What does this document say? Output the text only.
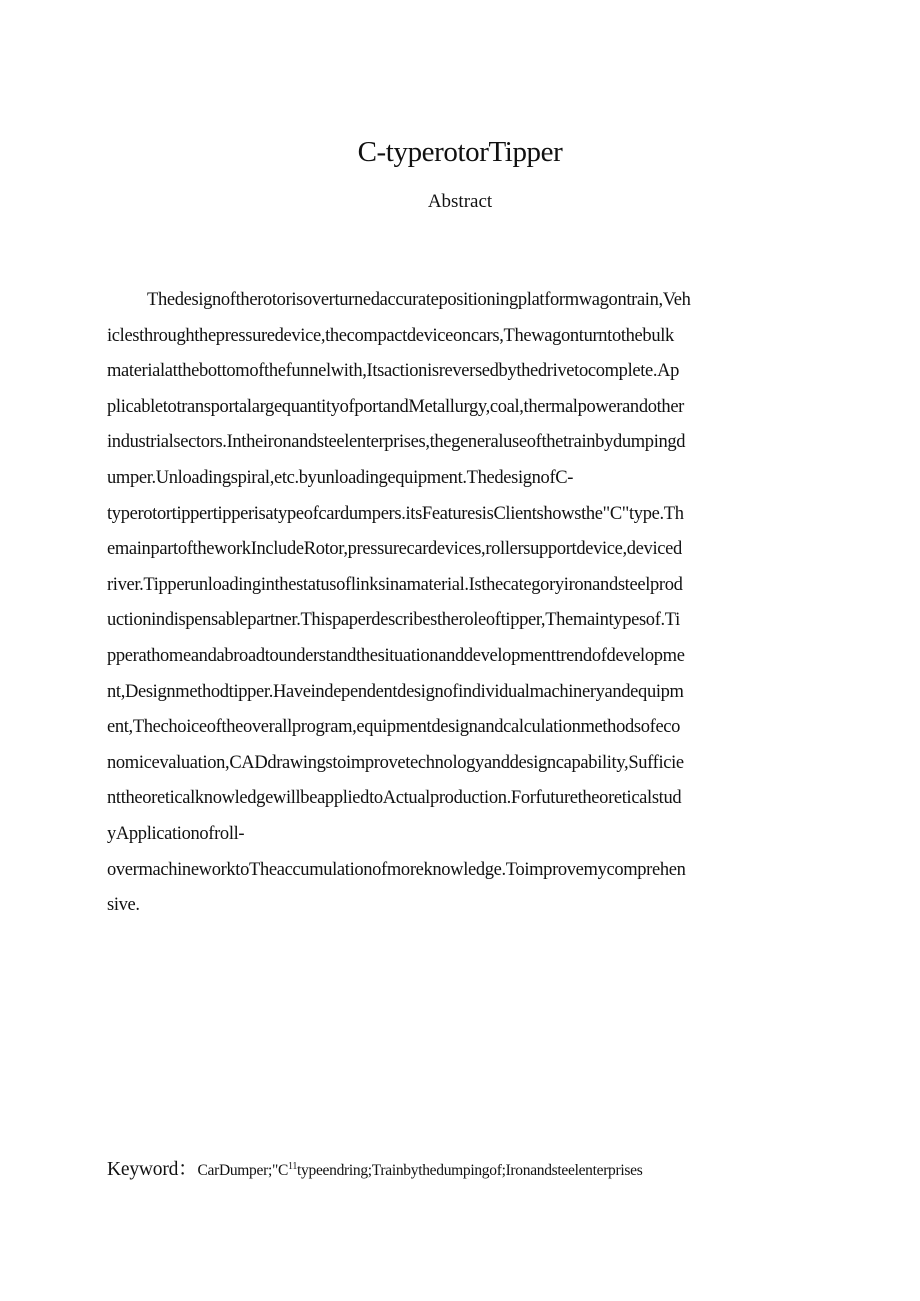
C-typerotorTipper
Abstract
Thedesignoftherotorisoverturnedaccuratepositioningplatformwagontrain,Veh
iclesthroughthepressuredevice,thecompactdeviceoncars,Thewagonturntothebulk
materialatthebottomofthefunnelwith,Itsactionisreversedbythedrivetocomplete.Ap
plicabletotransportalargequantityofportandMetallurgy,coal,thermalpowerandother
industrialsectors.Intheironandsteelenterprises,thegeneraluseofthetrainbydumpingd
umper.Unloadingspiral,etc.byunloadingequipment.ThedesignofC-
typerotortippertipperisatypeofcardumpers.itsFeaturesisClientshowsthe"C"type.Th
emainpartoftheworkIncludeRotor,pressurecardevices,rollersupportdevice,deviced
river.Tipperunloadinginthestatusoflinksinamaterial.Isthecategoryironandsteelprod
uctionindispensablepartner.Thispaperdescribestheroleoftipper,Themaintypesof.Ti
pperathomeandabroadtounderstandthesituationanddevelopmenttrendofdevelopme
nt,Designmethodtipper.Haveindependentdesignofindividualmachineryandequipm
ent,Thechoiceoftheoverallprogram,equipmentdesignandcalculationmethodsofeco
nomicevaluation,CADdrawingstoimprovetechnologyanddesigncapability,Sufficie
nttheoreticalknowledgewillbeappliedtoActualproduction.Forfuturetheoreticalstud
yApplicationofroll-
overmachineworktoTheaccumulationofmoreknowledge.Toimprovemycomprehen
sive.
Keyword：$CarDumper;"C^{11}typeendring;Trainbythedumpingof;Ironandsteelenterprises$
